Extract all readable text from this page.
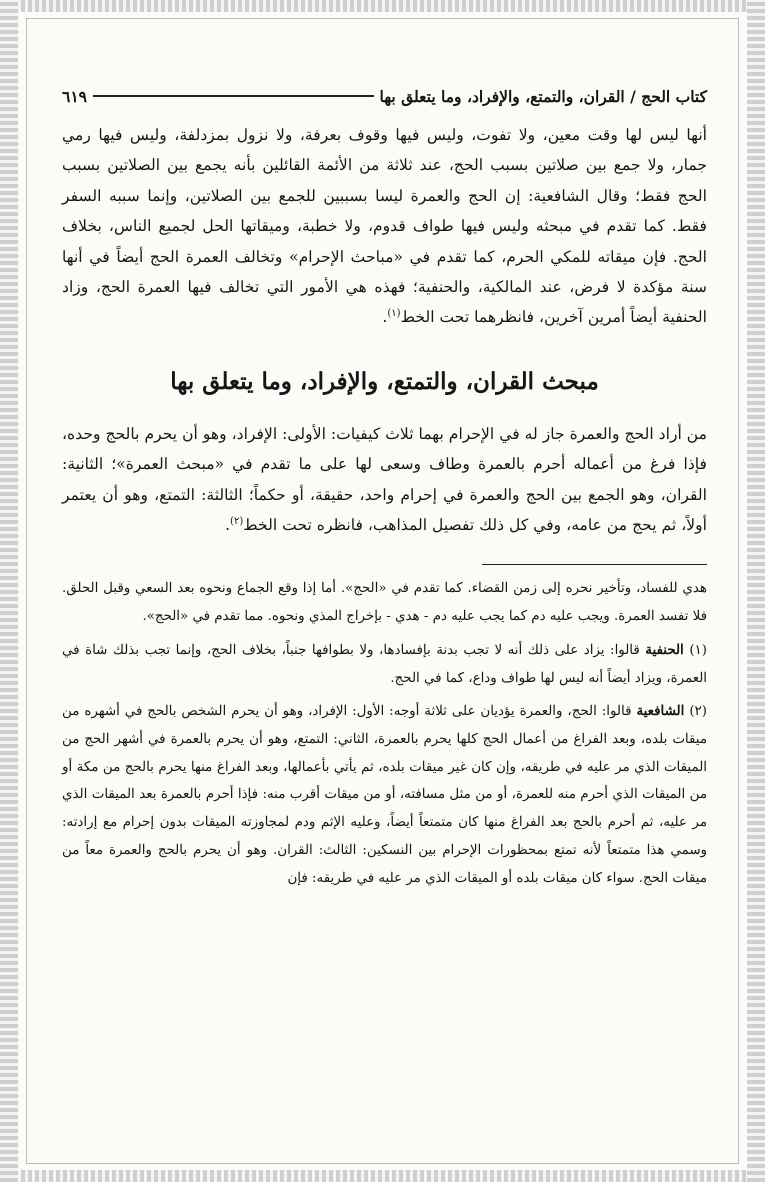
كتاب الحج / القران، والتمتع، والإفراد، وما يتعلق بها
٦١٩

أنها ليس لها وقت معين، ولا تفوت، وليس فيها وقوف بعرفة، ولا نزول بمزدلفة، وليس فيها رمي جمار، ولا جمع بين صلاتين بسبب الحج، عند ثلاثة من الأئمة القائلين بأنه يجمع بين الصلاتين بسبب الحج فقط؛ وقال الشافعية: إن الحج والعمرة ليسا بسببين للجمع بين الصلاتين، وإنما سببه السفر فقط. كما تقدم في مبحثه وليس فيها طواف قدوم، ولا خطبة، وميقاتها الحل لجميع الناس، بخلاف الحج. فإن ميقاته للمكي الحرم، كما تقدم في «مباحث الإحرام» وتخالف العمرة الحج أيضاً في أنها سنة مؤكدة لا فرض، عند المالكية، والحنفية؛ فهذه هي الأمور التي تخالف فيها العمرة الحج، وزاد الحنفية أيضاً أمرين آخرين، فانظرهما تحت الخط$^{(١)}$.

مبحث القران، والتمتع، والإفراد، وما يتعلق بها

من أراد الحج والعمرة جاز له في الإحرام بهما ثلاث كيفيات: الأولى: الإفراد، وهو أن يحرم بالحج وحده، فإذا فرغ من أعماله أحرم بالعمرة وطاف وسعى لها على ما تقدم في «مبحث العمرة»؛ الثانية: القران، وهو الجمع بين الحج والعمرة في إحرام واحد، حقيقة، أو حكماً؛ الثالثة: التمتع، وهو أن يعتمر أولاً، ثم يحج من عامه، وفي كل ذلك تفصيل المذاهب، فانظره تحت الخط$^{(٢)}$.

هدي للفساد، وتأخير نحره إلى زمن القضاء. كما تقدم في «الحج». أما إذا وقع الجماع ونحوه بعد السعي وقبل الحلق. فلا تفسد العمرة. ويجب عليه دم كما يجب عليه دم - هدي - بإخراج المذي ونحوه. مما تقدم في «الحج».

(١) الحنفية قالوا: يزاد على ذلك أنه لا تجب بدنة بإفسادها، ولا بطوافها جنباً، بخلاف الحج، وإنما تجب بذلك شاة في العمرة، ويزاد أيضاً أنه ليس لها طواف وداع، كما في الحج.

(٢) الشافعية قالوا: الحج، والعمرة يؤديان على ثلاثة أوجه: الأول: الإفراد، وهو أن يحرم الشخص بالحج في أشهره من ميقات بلده، وبعد الفراغ من أعمال الحج كلها يحرم بالعمرة، الثاني: التمتع، وهو أن يحرم بالعمرة في أشهر الحج من الميقات الذي مر عليه في طريقه، وإن كان غير ميقات بلده، ثم يأتي بأعمالها، وبعد الفراغ منها يحرم بالحج من مكة أو من الميقات الذي أحرم منه للعمرة، أو من مثل مسافته، أو من ميقات أقرب منه: فإذا أحرم بالعمرة بعد الميقات الذي مر عليه، ثم أحرم بالحج بعد الفراغ منها كان متمتعاً أيضاً، وعليه الإثم ودم لمجاوزته الميقات بدون إحرام مع إرادته: وسمي هذا متمتعاً لأنه تمتع بمحظورات الإحرام بين النسكين: الثالث: القران. وهو أن يحرم بالحج والعمرة معاً من ميقات الحج. سواء كان ميقات بلده أو الميقات الذي مر عليه في طريقه: فإن
